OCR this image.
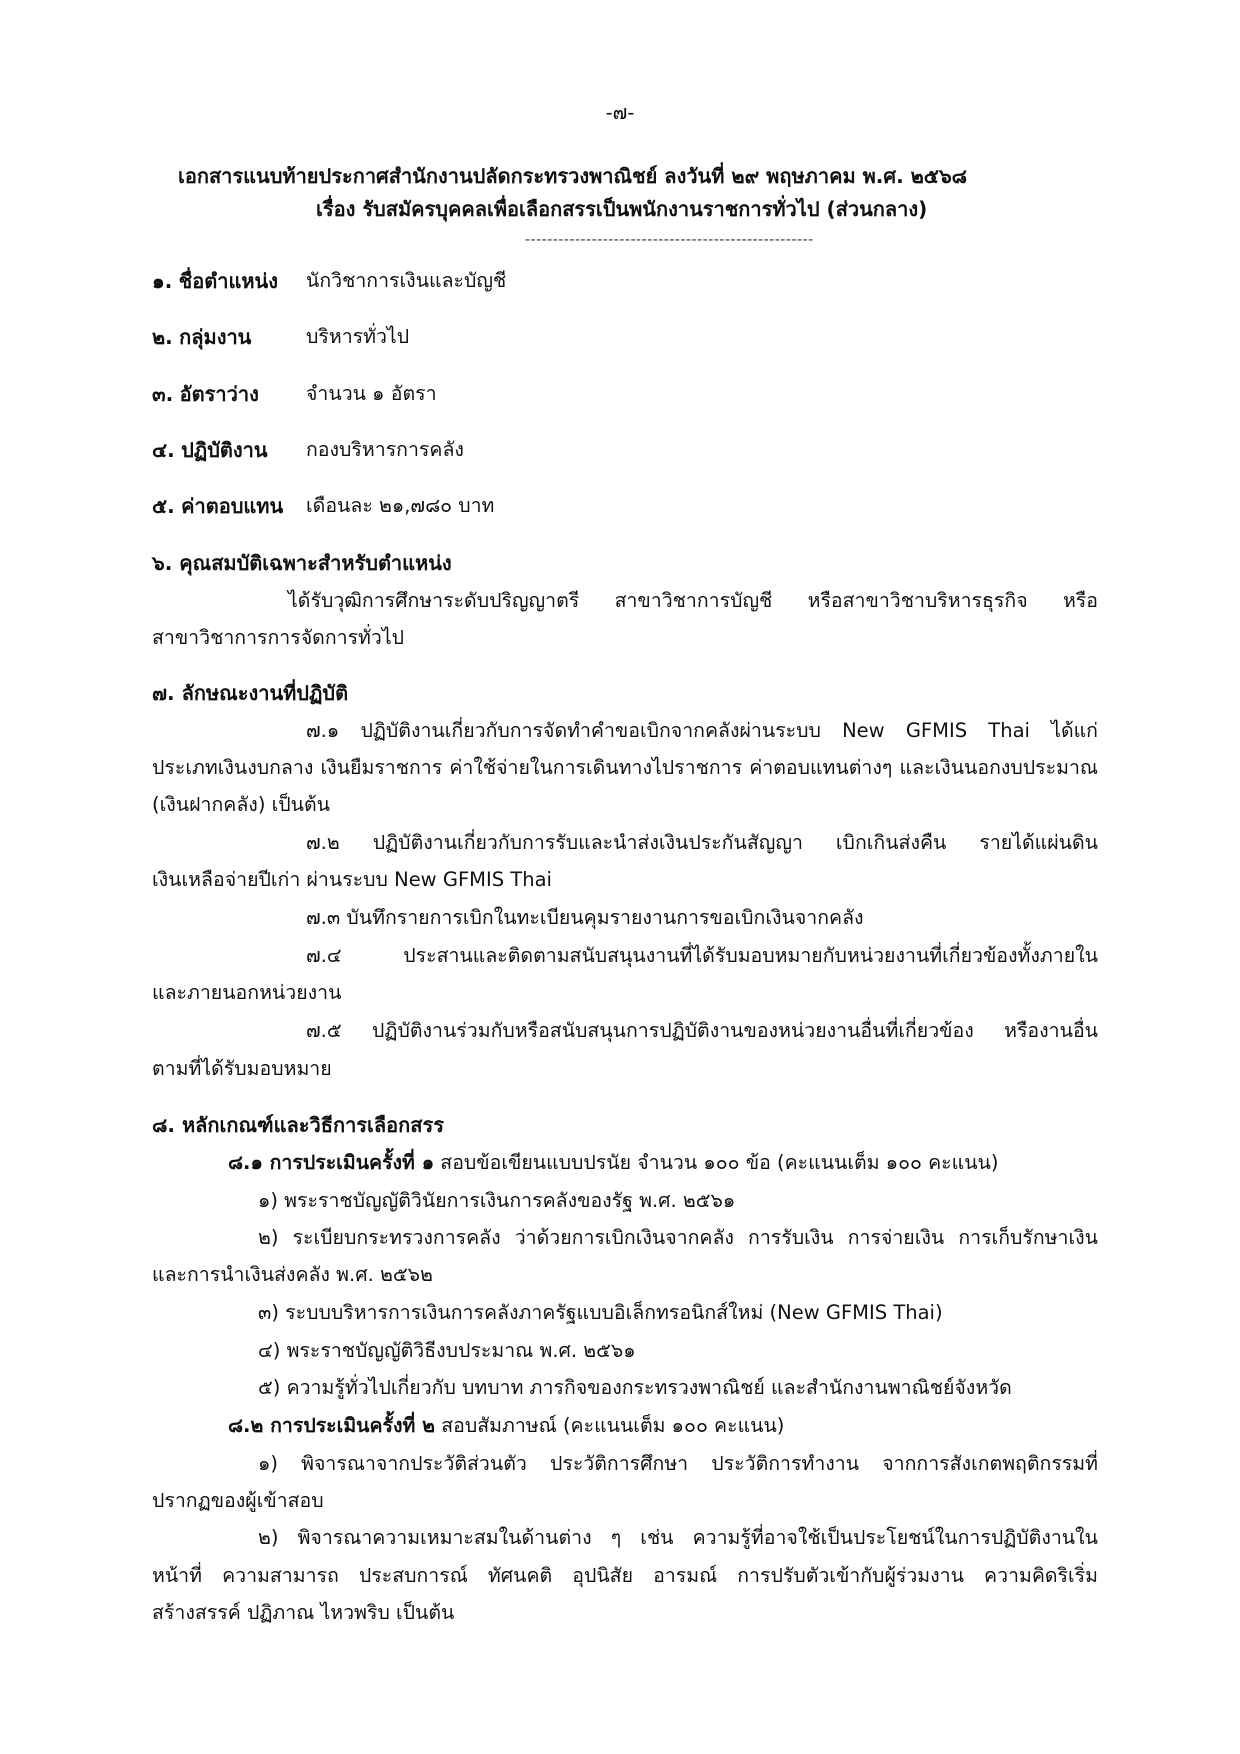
-๗-
เอกสารแนบท้ายประกาศสำนักงานปลัดกระทรวงพาณิชย์ ลงวันที่ ๒๙ พฤษภาคม พ.ศ. ๒๕๖๘
เรื่อง รับสมัครบุคคลเพื่อเลือกสรรเป็นพนักงานราชการทั่วไป (ส่วนกลาง)
----------------------------------------------------
๑. ชื่อตำแหน่ง นักวิชาการเงินและบัญชี
๒. กลุ่มงาน	บริหารทั่วไป
๓. อัตราว่าง จำนวน ๑ อัตรา
๔. ปฏิบัติงาน กองบริหารการคลัง
๕. ค่าตอบแทน เดือนละ ๒๑,๗๘๐ บาท
๖. คุณสมบัติเฉพาะสำหรับตำแหน่ง
ได้รับวุฒิการศึกษาระดับปริญญาตรี สาขาวิชาการบัญชี หรือสาขาวิชาบริหารธุรกิจ หรือ
สาขาวิชาการการจัดการทั่วไป
๗. ลักษณะงานที่ปฏิบัติ
๗.๑ ปฏิบัติงานเกี่ยวกับการจัดทำคำขอเบิกจากคลังผ่านระบบ New GFMIS Thai ได้แก่
ประเภทเงินงบกลาง เงินยืมราชการ ค่าใช้จ่ายในการเดินทางไปราชการ ค่าตอบแทนต่างๆ และเงินนอกงบประมาณ
(เงินฝากคลัง) เป็นต้น
๗.๒ ปฏิบัติงานเกี่ยวกับการรับและนำส่งเงินประกันสัญญา เบิกเกินส่งคืน รายได้แผ่นดิน
เงินเหลือจ่ายปีเก่า ผ่านระบบ New GFMIS Thai
๗.๓ บันทึกรายการเบิกในทะเบียนคุมรายงานการขอเบิกเงินจากคลัง
๗.๔ ประสานและติดตามสนับสนุนงานที่ได้รับมอบหมายกับหน่วยงานที่เกี่ยวข้องทั้งภายใน
และภายนอกหน่วยงาน
๗.๕ ปฏิบัติงานร่วมกับหรือสนับสนุนการปฏิบัติงานของหน่วยงานอื่นที่เกี่ยวข้อง หรืองานอื่น
ตามที่ได้รับมอบหมาย
๘. หลักเกณฑ์และวิธีการเลือกสรร
๘.๑ การประเมินครั้งที่ ๑ สอบข้อเขียนแบบปรนัย จำนวน ๑๐๐ ข้อ (คะแนนเต็ม ๑๐๐ คะแนน)
๑) พระราชบัญญัติวินัยการเงินการคลังของรัฐ พ.ศ. ๒๕๖๑
๒) ระเบียบกระทรวงการคลัง ว่าด้วยการเบิกเงินจากคลัง การรับเงิน การจ่ายเงิน การเก็บรักษาเงิน
และการนำเงินส่งคลัง พ.ศ. ๒๕๖๒
๓) ระบบบริหารการเงินการคลังภาครัฐแบบอิเล็กทรอนิกส์ใหม่ (New GFMIS Thai)
๔) พระราชบัญญัติวิธีงบประมาณ พ.ศ. ๒๕๖๑
๕) ความรู้ทั่วไปเกี่ยวกับ บทบาท ภารกิจของกระทรวงพาณิชย์ และสำนักงานพาณิชย์จังหวัด
๘.๒ การประเมินครั้งที่ ๒ สอบสัมภาษณ์ (คะแนนเต็ม ๑๐๐ คะแนน)
๑) พิจารณาจากประวัติส่วนตัว ประวัติการศึกษา ประวัติการทำงาน จากการสังเกตพฤติกรรมที่
ปรากฏของผู้เข้าสอบ
๒) พิจารณาความเหมาะสมในด้านต่าง ๆ เช่น ความรู้ที่อาจใช้เป็นประโยชน์ในการปฏิบัติงานใน
หน้าที่ ความสามารถ ประสบการณ์ ทัศนคติ อุปนิสัย อารมณ์ การปรับตัวเข้ากับผู้ร่วมงาน ความคิดริเริ่ม
สร้างสรรค์ ปฏิภาณ ไหวพริบ เป็นต้น
